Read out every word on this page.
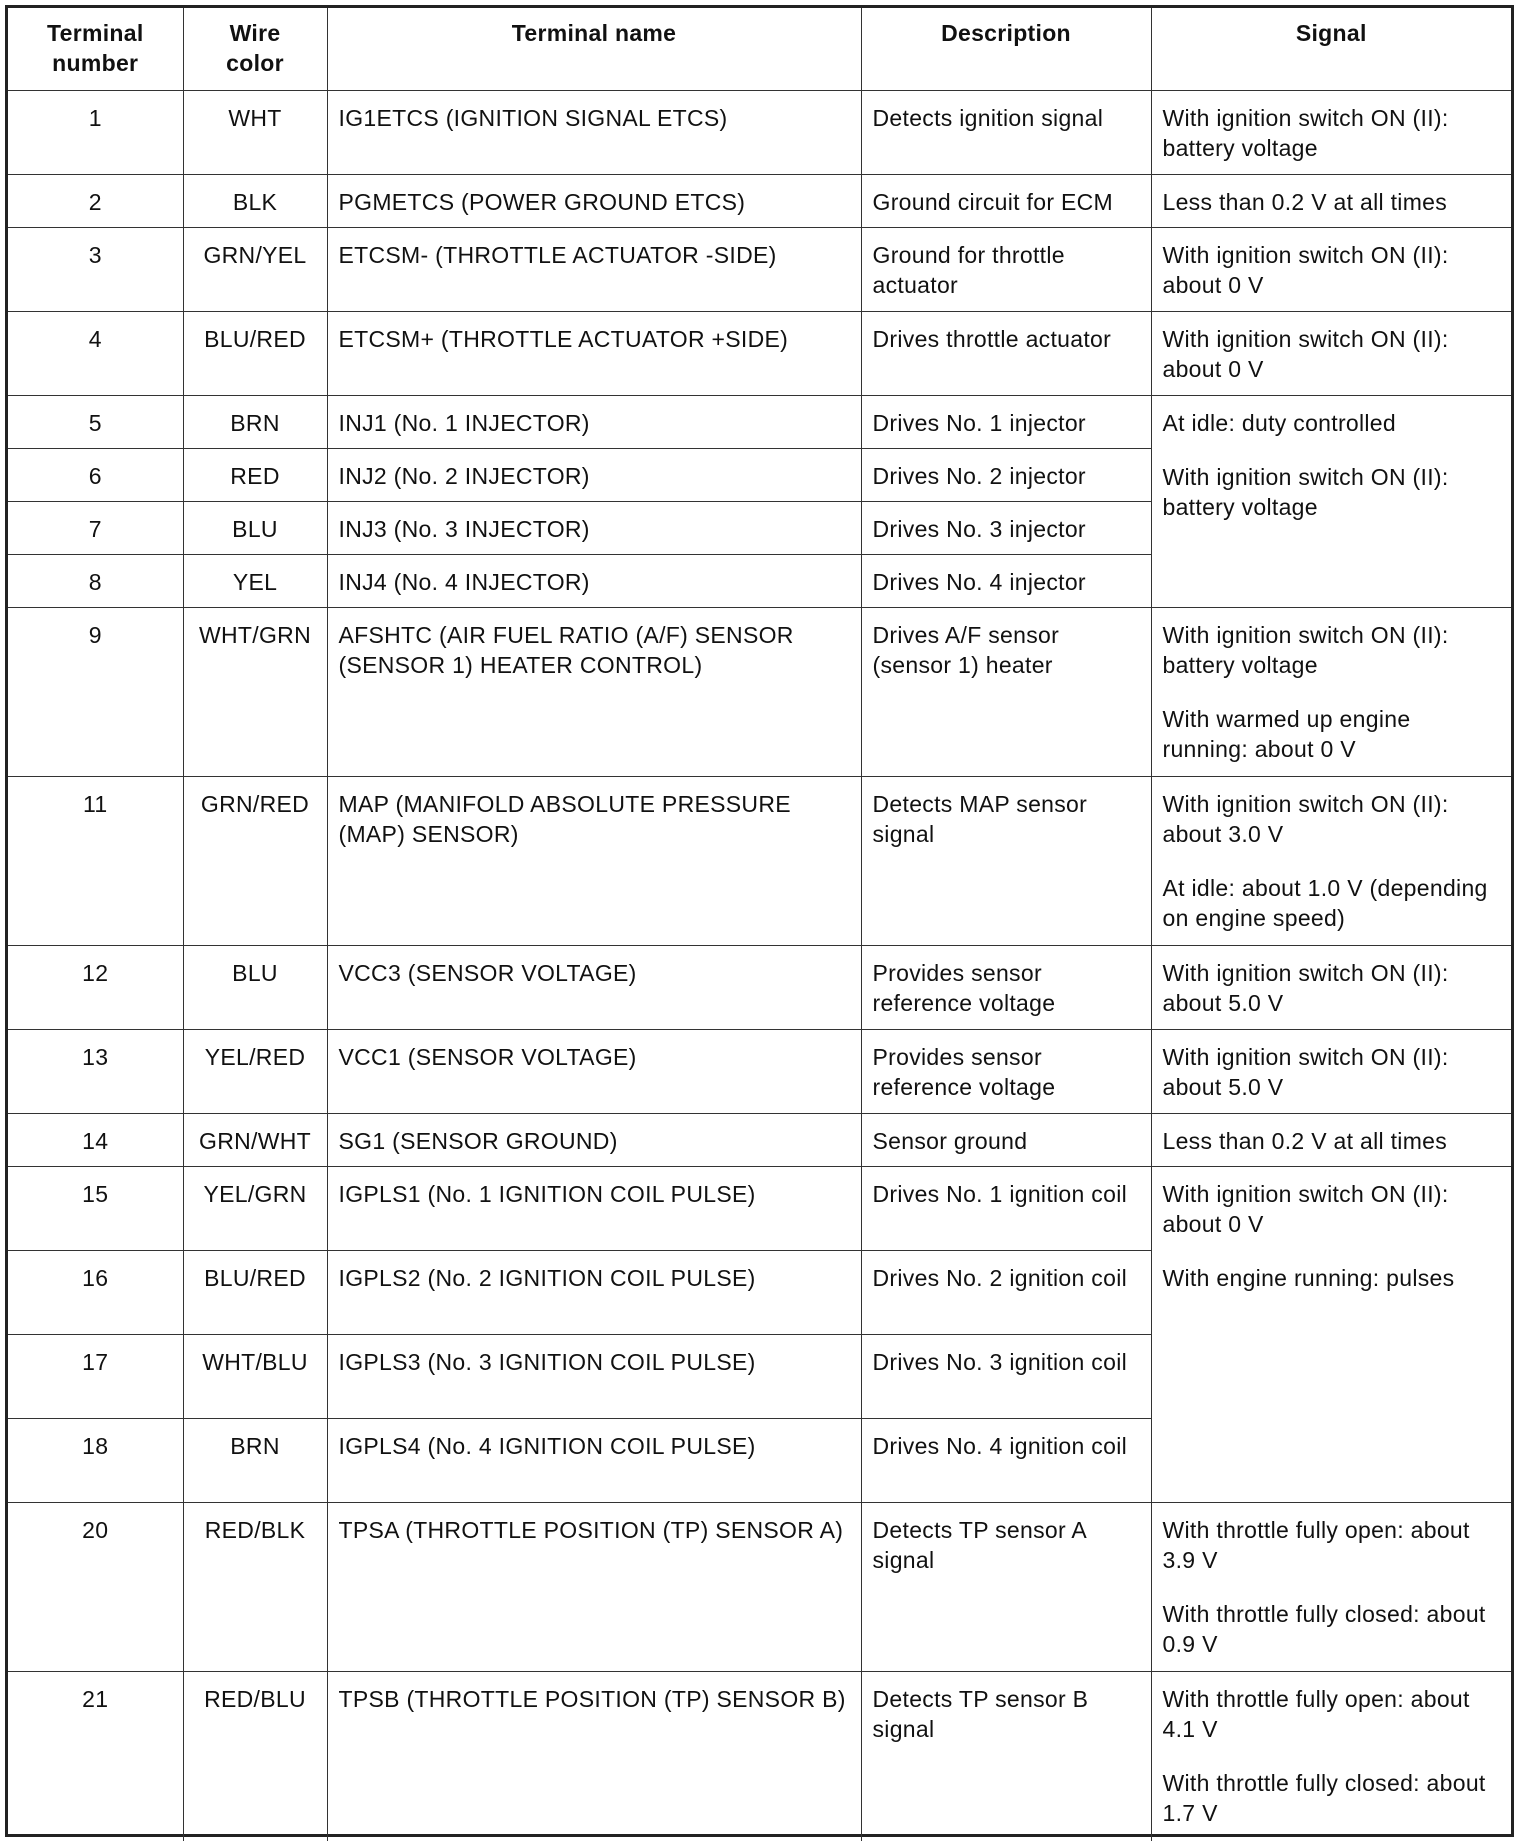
Terminal
number	Wire
color	Terminal name	Description	Signal
1	WHT	IG1ETCS (IGNITION SIGNAL ETCS)	Detects ignition signal	With ignition switch ON (II): battery voltage

2	BLK	PGMETCS (POWER GROUND ETCS)	Ground circuit for ECM	Less than 0.2 V at all times

3	GRN/YEL	ETCSM- (THROTTLE ACTUATOR -SIDE)	Ground for throttle actuator	With ignition switch ON (II): about 0 V

4	BLU/RED	ETCSM+ (THROTTLE ACTUATOR +SIDE)	Drives throttle actuator	With ignition switch ON (II): about 0 V

5	BRN	INJ1 (No. 1 INJECTOR)	Drives No. 1 injector	At idle: duty controlled
With ignition switch ON (II): battery voltage

6	RED	INJ2 (No. 2 INJECTOR)	Drives No. 2 injector	
7	BLU	INJ3 (No. 3 INJECTOR)	Drives No. 3 injector	
8	YEL	INJ4 (No. 4 INJECTOR)	Drives No. 4 injector	
9	WHT/GRN	AFSHTC (AIR FUEL RATIO (A/F) SENSOR (SENSOR 1) HEATER CONTROL)	Drives A/F sensor (sensor 1) heater	With ignition switch ON (II): battery voltage
With warmed up engine running: about 0 V

11	GRN/RED	MAP (MANIFOLD ABSOLUTE PRESSURE (MAP) SENSOR)	Detects MAP sensor signal	With ignition switch ON (II): about 3.0 V
At idle: about 1.0 V (depending on engine speed)

12	BLU	VCC3 (SENSOR VOLTAGE)	Provides sensor reference voltage	With ignition switch ON (II): about 5.0 V

13	YEL/RED	VCC1 (SENSOR VOLTAGE)	Provides sensor reference voltage	With ignition switch ON (II): about 5.0 V

14	GRN/WHT	SG1 (SENSOR GROUND)	Sensor ground	Less than 0.2 V at all times

15	YEL/GRN	IGPLS1 (No. 1 IGNITION COIL PULSE)	Drives No. 1 ignition coil	With ignition switch ON (II): about 0 V
With engine running: pulses

16	BLU/RED	IGPLS2 (No. 2 IGNITION COIL PULSE)	Drives No. 2 ignition coil	
17	WHT/BLU	IGPLS3 (No. 3 IGNITION COIL PULSE)	Drives No. 3 ignition coil	
18	BRN	IGPLS4 (No. 4 IGNITION COIL PULSE)	Drives No. 4 ignition coil	
20	RED/BLK	TPSA (THROTTLE POSITION (TP) SENSOR A)	Detects TP sensor A signal	With throttle fully open: about 3.9 V
With throttle fully closed: about 0.9 V

21	RED/BLU	TPSB (THROTTLE POSITION (TP) SENSOR B)	Detects TP sensor B signal	With throttle fully open: about 4.1 V
With throttle fully closed: about 1.7 V
